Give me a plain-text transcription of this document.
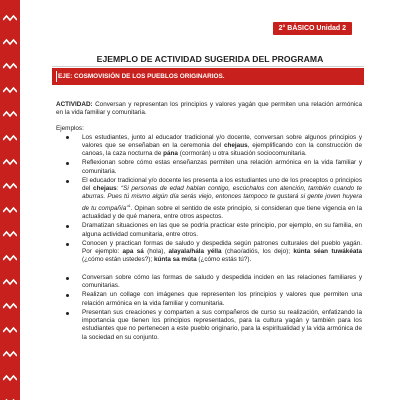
2° BÁSICO Unidad 2
EJEMPLO DE ACTIVIDAD SUGERIDA DEL PROGRAMA
EJE: COSMOVISIÓN DE LOS PUEBLOS ORIGINARIOS.

ACTIVIDAD: Conversan y representan los principios y valores yagán que permiten una relación armónica en la vida familiar y comunitaria.

Ejemplos:

Los estudiantes, junto al educador tradicional y/o docente, conversan sobre algunos principios y valores que se enseñaban en la ceremonia del chejaus, ejemplificando con la construcción de canoas, la caza nocturna de pána (cormorán) u otra situación sociocomunitaria.
Reflexionan sobre cómo estas enseñanzas permiten una relación armónica en la vida familiar y comunitaria.
El educador tradicional y/o docente les presenta a los estudiantes uno de los preceptos o principios del chejaus: “Si personas de edad hablan contigo, escúchalos con atención, también cuando te aburras. Pues tú mismo algún día serás viejo, entonces tampoco te gustará si gente joven huyera de tu compañía”$^1$. Opinan sobre el sentido de este principio, si consideran que tiene vigencia en la actualidad y de qué manera, entre otros aspectos.
Dramatizan situaciones en las que se podría practicar este principio, por ejemplo, en su familia, en alguna actividad comunitaria, entre otros.
Conocen y practican formas de saludo y despedida según patrones culturales del pueblo yagán. Por ejemplo: apa sá (hola), alayala/hála yélla (chao/adiós, los dejo); kúnta séan tuwákéata (¿cómo están ustedes?); kúnta sa múta (¿cómo estás tú?).
Conversan sobre cómo las formas de saludo y despedida inciden en las relaciones familiares y comunitarias.
Realizan un collage con imágenes que representen los principios y valores que permiten una relación armónica en la vida familiar y comunitaria.
Presentan sus creaciones y comparten a sus compañeros de curso su realización, enfatizando la importancia que tienen los principios representados, para la cultura yagán y también para los estudiantes que no pertenecen a este pueblo originario, para la espiritualidad y la vida armónica de la sociedad en su conjunto.
